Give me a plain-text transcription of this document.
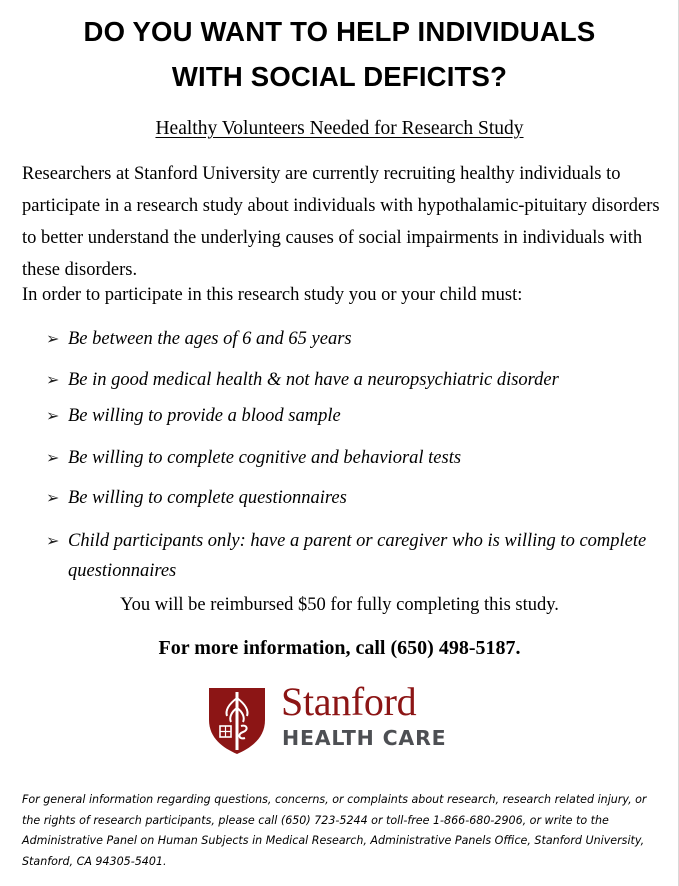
DO YOU WANT TO HELP INDIVIDUALS
WITH SOCIAL DEFICITS?
Healthy Volunteers Needed for Research Study
Researchers at Stanford University are currently recruiting healthy individuals to participate in a research study about individuals with hypothalamic-pituitary disorders to better understand the underlying causes of social impairments in individuals with these disorders.
In order to participate in this research study you or your child must:
➢ Be between the ages of 6 and 65 years
➢ Be in good medical health & not have a neuropsychiatric disorder
➢ Be willing to provide a blood sample
➢ Be willing to complete cognitive and behavioral tests
➢ Be willing to complete questionnaires
➢ Child participants only: have a parent or caregiver who is willing to complete questionnaires
You will be reimbursed $50 for fully completing this study.
For more information, call (650) 498-5187.
Stanford
HEALTH CARE
For general information regarding questions, concerns, or complaints about research, research related injury, or the rights of research participants, please call (650) 723-5244 or toll-free 1-866-680-2906, or write to the Administrative Panel on Human Subjects in Medical Research, Administrative Panels Office, Stanford University, Stanford, CA 94305-5401.
